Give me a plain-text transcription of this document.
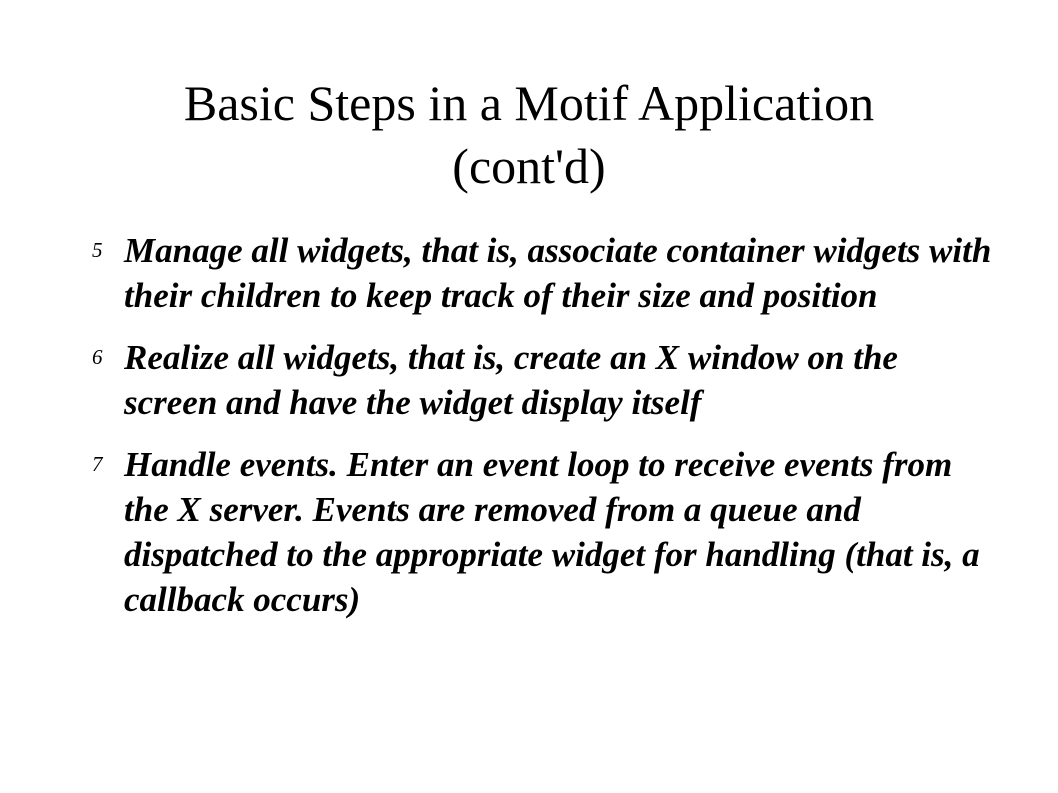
Basic Steps in a Motif Application
(cont'd)
5 Manage all widgets, that is, associate container widgets with their children to keep track of their size and position
6 Realize all widgets, that is, create an X window on the screen and have the widget display itself
7 Handle events. Enter an event loop to receive events from the X server. Events are removed from a queue and dispatched to the appropriate widget for handling (that is, a callback occurs)
